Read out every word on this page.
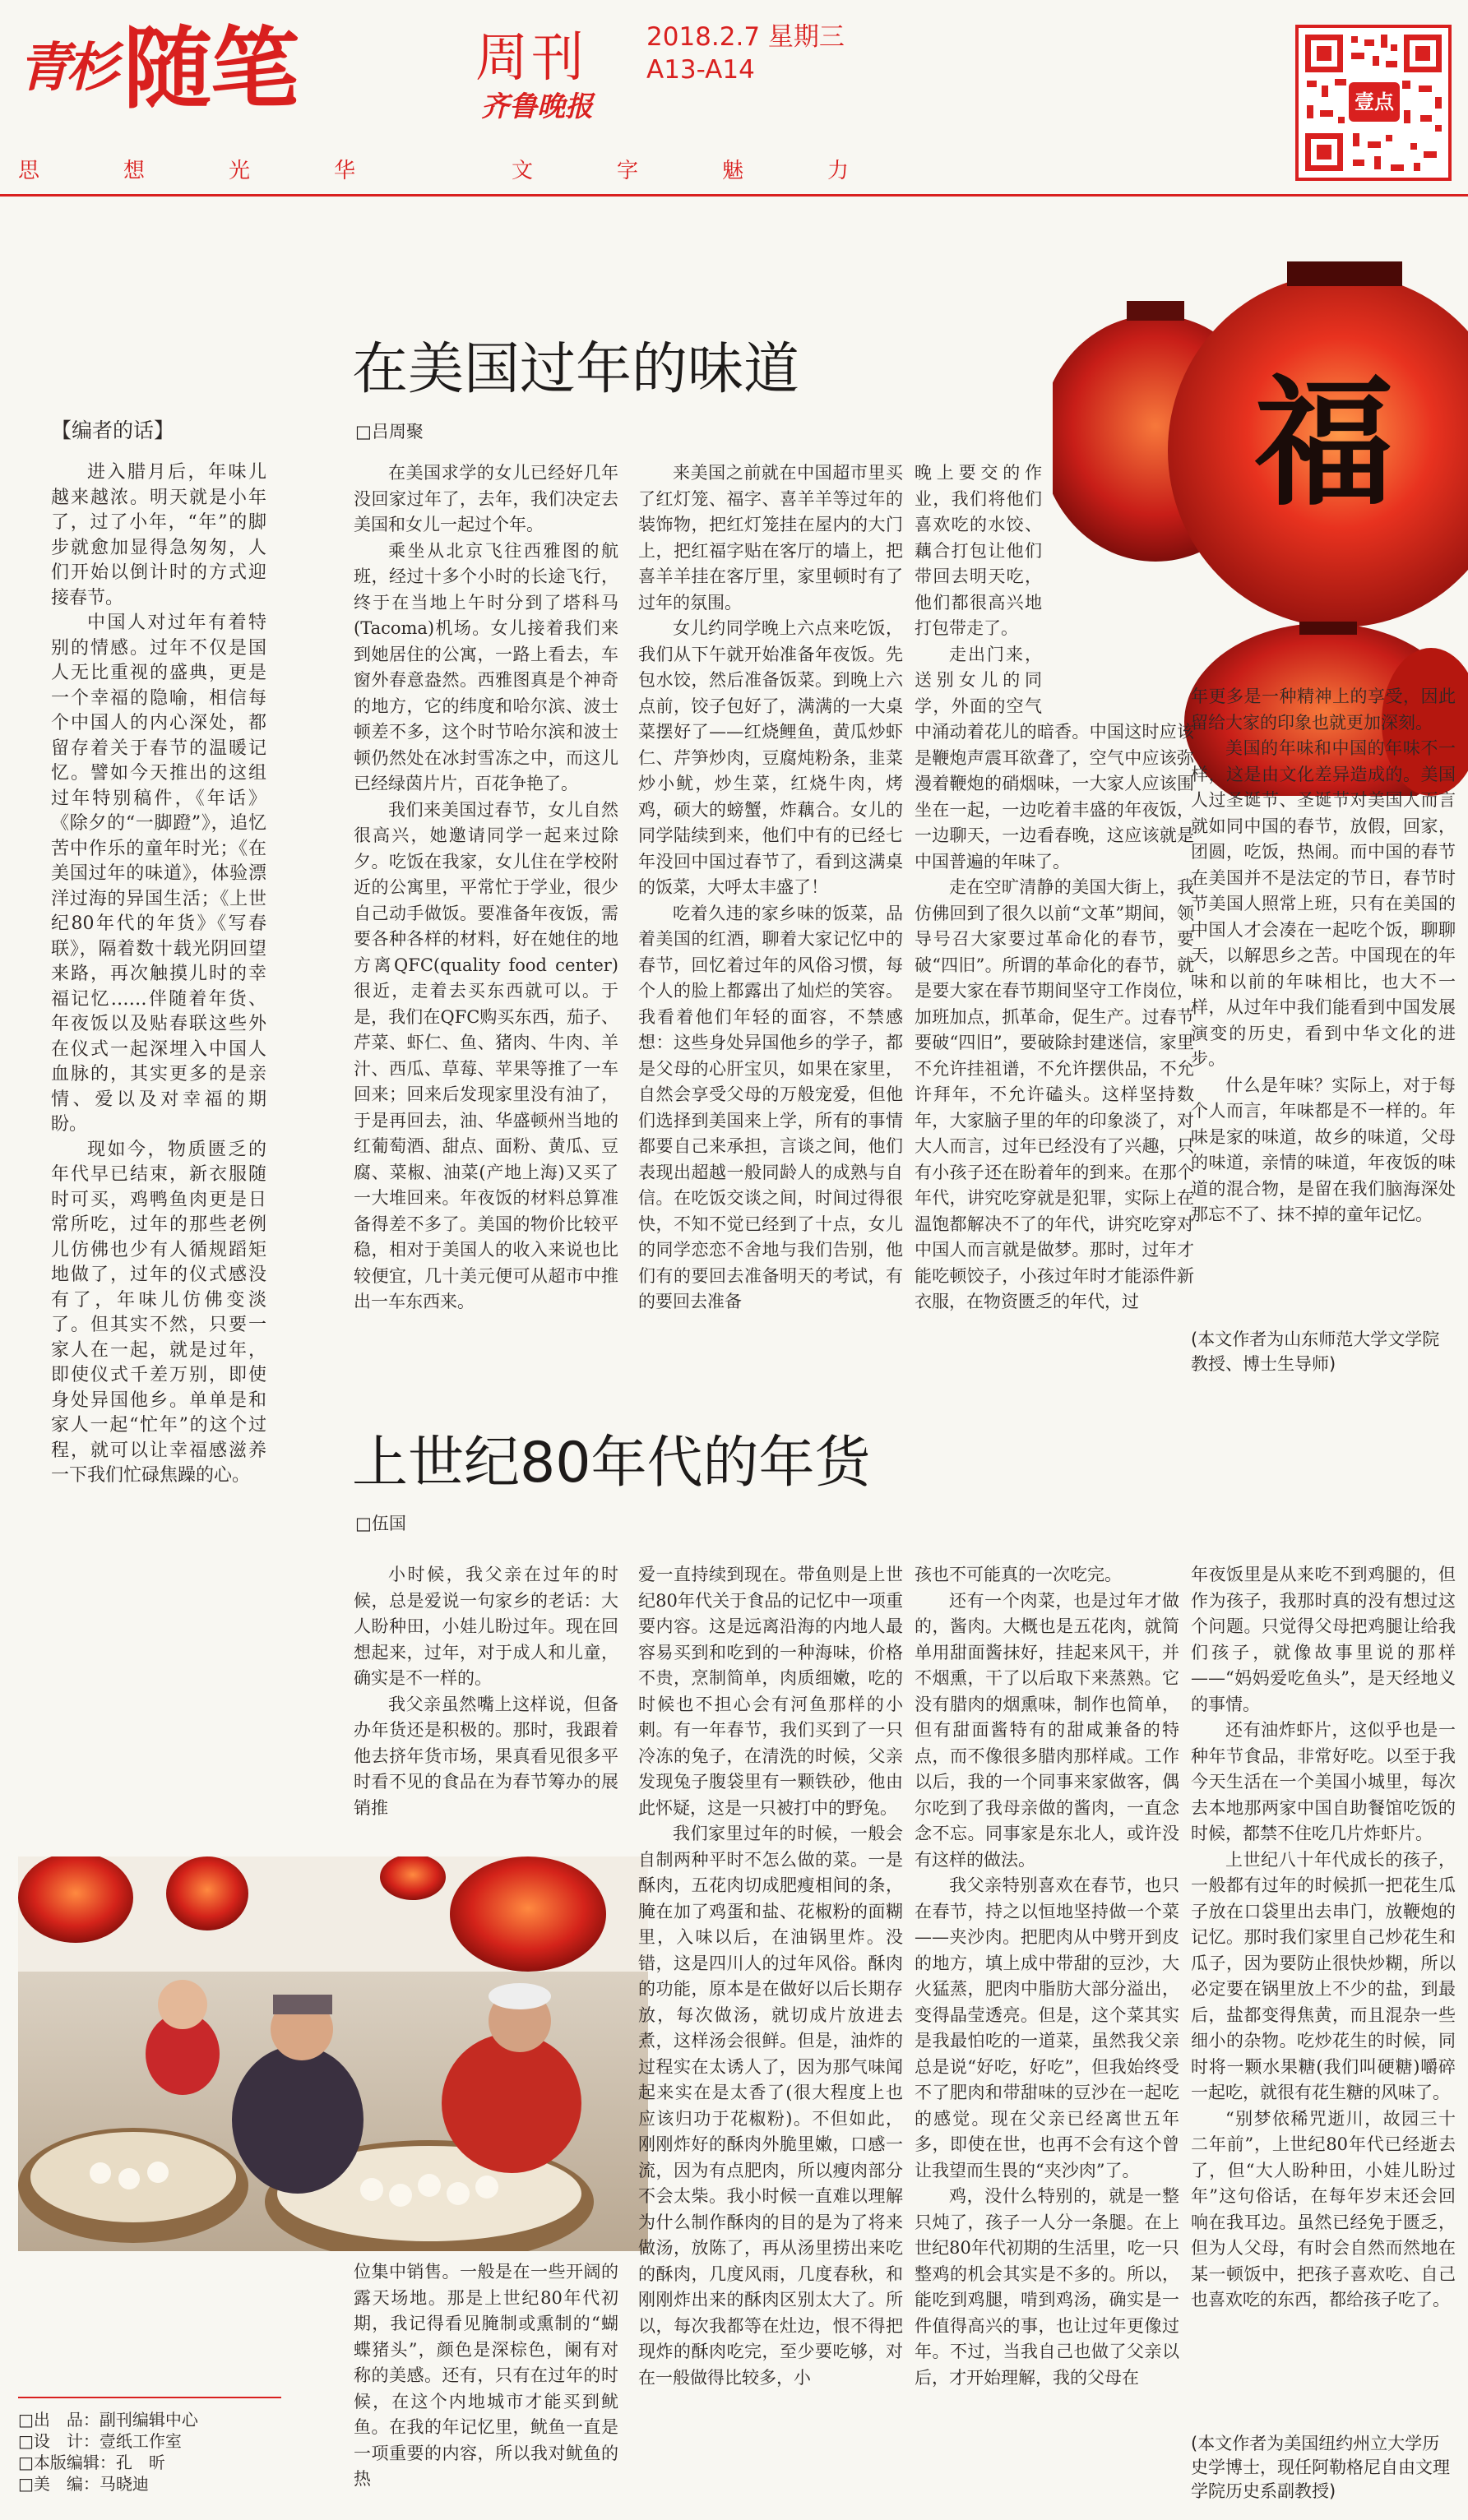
青杉 随笔	周刊
齐鲁晚报
2018.2.7 星期三
A13-A14
思	想	光	华	文	字	魅	力
壹点
福
【编者的话】

进入腊月后，年味儿越来越浓。明天就是小年了，过了小年，“年”的脚步就愈加显得急匆匆，人们开始以倒计时的方式迎接春节。

中国人对过年有着特别的情感。过年不仅是国人无比重视的盛典，更是一个幸福的隐喻，相信每个中国人的内心深处，都留存着关于春节的温暖记忆。譬如今天推出的这组过年特别稿件，《年话》《除夕的“一脚蹬”》，追忆苦中作乐的童年时光；《在美国过年的味道》，体验漂洋过海的异国生活；《上世纪80年代的年货》《写春联》，隔着数十载光阴回望来路，再次触摸儿时的幸福记忆……伴随着年货、年夜饭以及贴春联这些外在仪式一起深埋入中国人血脉的，其实更多的是亲情、爱以及对幸福的期盼。

现如今，物质匮乏的年代早已结束，新衣服随时可买，鸡鸭鱼肉更是日常所吃，过年的那些老例儿仿佛也少有人循规蹈矩地做了，过年的仪式感没有了，年味儿仿佛变淡了。但其实不然，只要一家人在一起，就是过年，即使仪式千差万别，即使身处异国他乡。单单是和家人一起“忙年”的这个过程，就可以让幸福感滋养一下我们忙碌焦躁的心。

在美国过年的味道
□吕周聚

在美国求学的女儿已经好几年没回家过年了，去年，我们决定去美国和女儿一起过个年。

乘坐从北京飞往西雅图的航班，经过十多个小时的长途飞行，终于在当地上午时分到了塔科马(Tacoma)机场。女儿接着我们来到她居住的公寓，一路上看去，车窗外春意盎然。西雅图真是个神奇的地方，它的纬度和哈尔滨、波士顿差不多，这个时节哈尔滨和波士顿仍然处在冰封雪冻之中，而这儿已经绿茵片片，百花争艳了。

我们来美国过春节，女儿自然很高兴，她邀请同学一起来过除夕。吃饭在我家，女儿住在学校附近的公寓里，平常忙于学业，很少自己动手做饭。要准备年夜饭，需要各种各样的材料，好在她住的地方离QFC(quality food center)很近，走着去买东西就可以。于是，我们在QFC购买东西，茄子、芹菜、虾仁、鱼、猪肉、牛肉、羊汁、西瓜、草莓、苹果等推了一车回来；回来后发现家里没有油了，于是再回去，油、华盛顿州当地的红葡萄酒、甜点、面粉、黄瓜、豆腐、菜椒、油菜(产地上海)又买了一大堆回来。年夜饭的材料总算准备得差不多了。美国的物价比较平稳，相对于美国人的收入来说也比较便宜，几十美元便可从超市中推出一车东西来。

来美国之前就在中国超市里买了红灯笼、福字、喜羊羊等过年的装饰物，把红灯笼挂在屋内的大门上，把红福字贴在客厅的墙上，把喜羊羊挂在客厅里，家里顿时有了过年的氛围。

女儿约同学晚上六点来吃饭，我们从下午就开始准备年夜饭。先包水饺，然后准备饭菜。到晚上六点前，饺子包好了，满满的一大桌菜摆好了——红烧鲤鱼，黄瓜炒虾仁、芹笋炒肉，豆腐炖粉条，韭菜炒小鱿，炒生菜，红烧牛肉，烤鸡，硕大的螃蟹，炸藕合。女儿的同学陆续到来，他们中有的已经七年没回中国过春节了，看到这满桌的饭菜，大呼太丰盛了！

吃着久违的家乡味的饭菜，品着美国的红酒，聊着大家记忆中的春节，回忆着过年的风俗习惯，每个人的脸上都露出了灿烂的笑容。我看着他们年轻的面容，不禁感想：这些身处异国他乡的学子，都是父母的心肝宝贝，如果在家里，自然会享受父母的万般宠爱，但他们选择到美国来上学，所有的事情都要自己来承担，言谈之间，他们表现出超越一般同龄人的成熟与自信。在吃饭交谈之间，时间过得很快，不知不觉已经到了十点，女儿的同学恋恋不舍地与我们告别，他们有的要回去准备明天的考试，有的要回去准备

晚上要交的作业，我们将他们喜欢吃的水饺、藕合打包让他们带回去明天吃，他们都很高兴地打包带走了。

走出门来，送别女儿的同学，外面的空气中涌动着花儿的暗香。中国这时应该是鞭炮声震耳欲聋了，空气中应该弥漫着鞭炮的硝烟味，一大家人应该围坐在一起，一边吃着丰盛的年夜饭，一边聊天，一边看春晚，这应该就是中国普遍的年味了。

走在空旷清静的美国大街上，我仿佛回到了很久以前“文革”期间，领导号召大家要过革命化的春节，要破“四旧”。所谓的革命化的春节，就是要大家在春节期间坚守工作岗位，加班加点，抓革命，促生产。过春节要破“四旧”，要破除封建迷信，家里不允许挂祖谱，不允许摆供品，不允许拜年，不允许磕头。这样坚持数年，大家脑子里的年的印象淡了，对大人而言，过年已经没有了兴趣，只有小孩子还在盼着年的到来。在那个年代，讲究吃穿就是犯罪，实际上在温饱都解决不了的年代，讲究吃穿对中国人而言就是做梦。那时，过年才能吃顿饺子，小孩过年时才能添件新衣服，在物资匮乏的年代，过

年更多是一种精神上的享受，因此留给大家的印象也就更加深刻。

美国的年味和中国的年味不一样，这是由文化差异造成的。美国人过圣诞节、圣诞节对美国人而言就如同中国的春节，放假，回家，团圆，吃饭，热闹。而中国的春节在美国并不是法定的节日，春节时节美国人照常上班，只有在美国的中国人才会凑在一起吃个饭，聊聊天，以解思乡之苦。中国现在的年味和以前的年味相比，也大不一样，从过年中我们能看到中国发展演变的历史，看到中华文化的进步。

什么是年味？实际上，对于每个人而言，年味都是不一样的。年味是家的味道，故乡的味道，父母的味道，亲情的味道，年夜饭的味道的混合物，是留在我们脑海深处那忘不了、抹不掉的童年记忆。

(本文作者为山东师范大学文学院教授、博士生导师)
上世纪80年代的年货
□伍国

小时候，我父亲在过年的时候，总是爱说一句家乡的老话：大人盼种田，小娃儿盼过年。现在回想起来，过年，对于成人和儿童，确实是不一样的。

我父亲虽然嘴上这样说，但备办年货还是积极的。那时，我跟着他去挤年货市场，果真看见很多平时看不见的食品在为春节筹办的展销推

位集中销售。一般是在一些开阔的露天场地。那是上世纪80年代初期，我记得看见腌制或熏制的“蝴蝶猪头”，颜色是深棕色，阑有对称的美感。还有，只有在过年的时候，在这个内地城市才能买到鱿鱼。在我的年记忆里，鱿鱼一直是一项重要的内容，所以我对鱿鱼的热

爱一直持续到现在。带鱼则是上世纪80年代关于食品的记忆中一项重要内容。这是远离沿海的内地人最容易买到和吃到的一种海味，价格不贵，烹制简单，肉质细嫩，吃的时候也不担心会有河鱼那样的小刺。有一年春节，我们买到了一只冷冻的兔子，在清洗的时候，父亲发现兔子腹袋里有一颗铁砂，他由此怀疑，这是一只被打中的野兔。

我们家里过年的时候，一般会自制两种平时不怎么做的菜。一是酥肉，五花肉切成肥瘦相间的条，腌在加了鸡蛋和盐、花椒粉的面糊里，入味以后，在油锅里炸。没错，这是四川人的过年风俗。酥肉的功能，原本是在做好以后长期存放，每次做汤，就切成片放进去煮，这样汤会很鲜。但是，油炸的过程实在太诱人了，因为那气味闻起来实在是太香了(很大程度上也应该归功于花椒粉)。不但如此，刚刚炸好的酥肉外脆里嫩，口感一流，因为有点肥肉，所以瘦肉部分不会太柴。我小时候一直难以理解为什么制作酥肉的目的是为了将来做汤，放陈了，再从汤里捞出来吃的酥肉，几度风雨，几度春秋，和刚刚炸出来的酥肉区别太大了。所以，每次我都等在灶边，恨不得把现炸的酥肉吃完，至少要吃够，对在一般做得比较多，小

孩也不可能真的一次吃完。

还有一个肉菜，也是过年才做的，酱肉。大概也是五花肉，就简单用甜面酱抹好，挂起来风干，并不烟熏，干了以后取下来蒸熟。它没有腊肉的烟熏味，制作也简单，但有甜面酱特有的甜咸兼备的特点，而不像很多腊肉那样咸。工作以后，我的一个同事来家做客，偶尔吃到了我母亲做的酱肉，一直念念不忘。同事家是东北人，或许没有这样的做法。

我父亲特别喜欢在春节，也只在春节，持之以恒地坚持做一个菜——夹沙肉。把肥肉从中劈开到皮的地方，填上成中带甜的豆沙，大火猛蒸，肥肉中脂肪大部分溢出，变得晶莹透亮。但是，这个菜其实是我最怕吃的一道菜，虽然我父亲总是说“好吃，好吃”，但我始终受不了肥肉和带甜味的豆沙在一起吃的感觉。现在父亲已经离世五年多，即使在世，也再不会有这个曾让我望而生畏的“夹沙肉”了。

鸡，没什么特别的，就是一整只炖了，孩子一人分一条腿。在上世纪80年代初期的生活里，吃一只整鸡的机会其实是不多的。所以，能吃到鸡腿，啃到鸡汤，确实是一件值得高兴的事，也让过年更像过年。不过，当我自己也做了父亲以后，才开始理解，我的父母在

年夜饭里是从来吃不到鸡腿的，但作为孩子，我那时真的没有想过这个问题。只觉得父母把鸡腿让给我们孩子，就像故事里说的那样——“妈妈爱吃鱼头”，是天经地义的事情。

还有油炸虾片，这似乎也是一种年节食品，非常好吃。以至于我今天生活在一个美国小城里，每次去本地那两家中国自助餐馆吃饭的时候，都禁不住吃几片炸虾片。

上世纪八十年代成长的孩子，一般都有过年的时候抓一把花生瓜子放在口袋里出去串门，放鞭炮的记忆。那时我们家里自己炒花生和瓜子，因为要防止很快炒糊，所以必定要在锅里放上不少的盐，到最后，盐都变得焦黄，而且混杂一些细小的杂物。吃炒花生的时候，同时将一颗水果糖(我们叫硬糖)嚼碎一起吃，就很有花生糖的风味了。

“别梦依稀咒逝川，故园三十二年前”，上世纪80年代已经逝去了，但“大人盼种田，小娃儿盼过年”这句俗话，在每年岁末还会回响在我耳边。虽然已经免于匮乏，但为人父母，有时会自然而然地在某一顿饭中，把孩子喜欢吃、自己也喜欢吃的东西，都给孩子吃了。

(本文作者为美国纽约州立大学历史学博士，现任阿勒格尼自由文理学院历史系副教授)
□出　品：副刊编辑中心
□设　计：壹纸工作室
□本版编辑：孔　昕
□美　编：马晓迪
